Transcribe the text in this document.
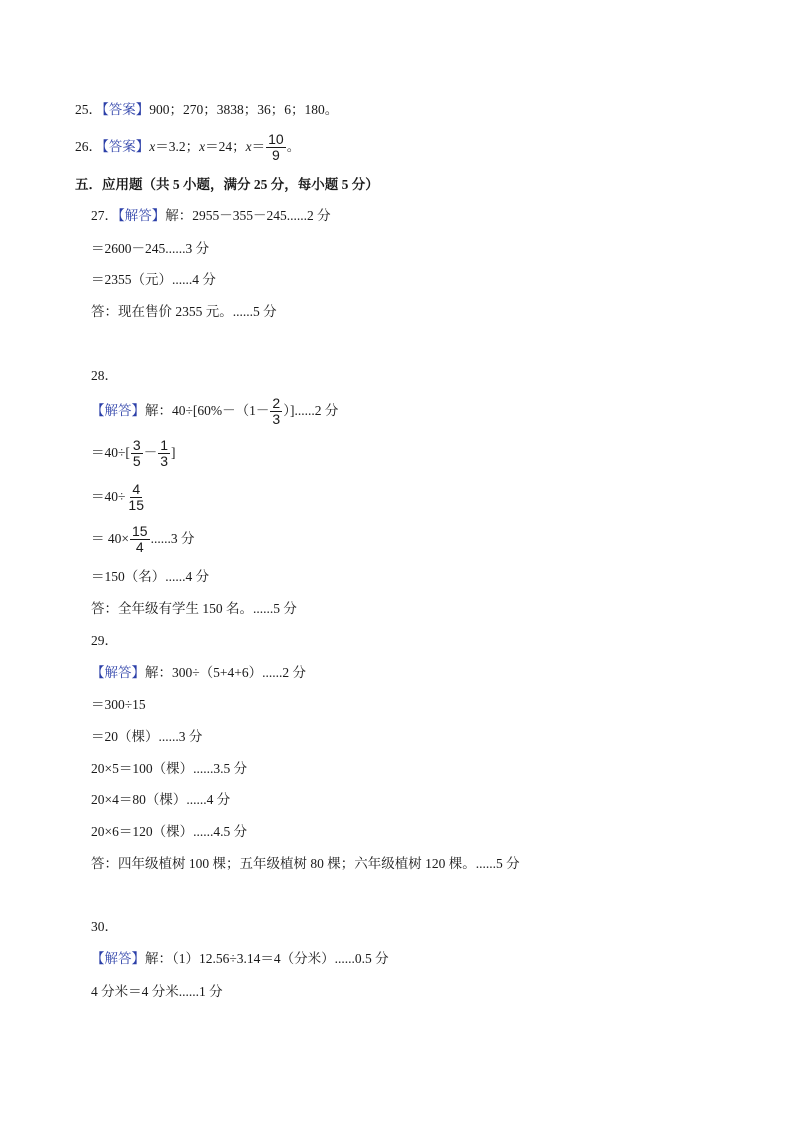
25．【答案】900；270；3838；36；6；180。
26．【答案】x＝3.2；x＝24；$x= \frac{10}{9}$ 。
五．应用题（共 5 小题，满分 25 分，每小题 5 分）
27．【解答】解：2955－355－245......2 分
＝2600－245......3 分
＝2355（元）......4 分
答：现在售价 2355 元。......5 分
28．
【解答】解：$40\div[60\%-(1- \frac{2}{3} )]......2$ 分
$=40\div[ \frac{3}{5} - \frac{1}{3}$ ]
$=40\div \frac{4}{15}$
＝ $40\times \frac{15}{4} ......3$ 分
＝150（名）......4 分
答：全年级有学生 150 名。......5 分
29．
【解答】解：300÷（5+4+6）......2 分
＝300÷15
＝20（棵）......3 分
20×5＝100（棵）......3.5 分
20×4＝80（棵）......4 分
20×6＝120（棵）......4.5 分
答：四年级植树 100 棵；五年级植树 80 棵；六年级植树 120 棵。......5 分
30．
【解答】解：（1）12.56÷3.14＝4（分米）......0.5 分
4 分米＝4 分米......1 分
